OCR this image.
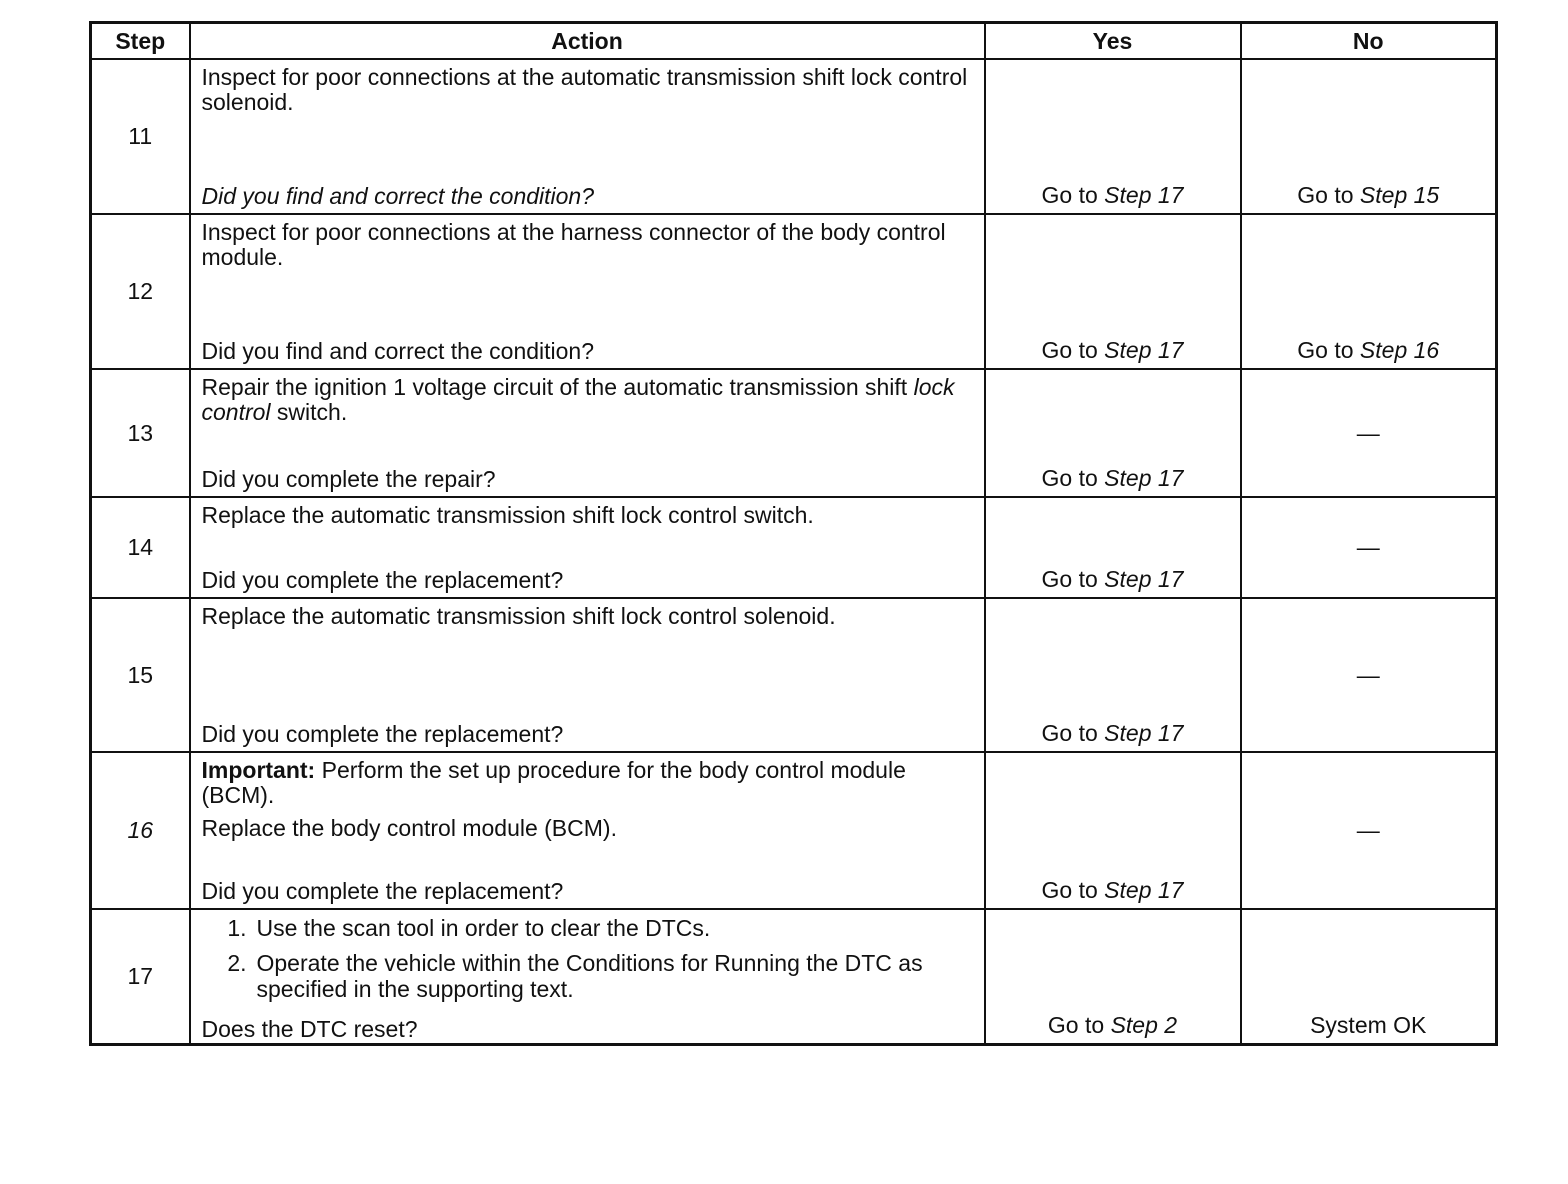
Step	Action	Yes	No
11	Inspect for poor connections at the automatic transmission shift lock control solenoid.
Did you find and correct the condition?	Go to Step 17	Go to Step 15
12	Inspect for poor connections at the harness connector of the body control module.
Did you find and correct the condition?	Go to Step 17	Go to Step 16
13	Repair the ignition 1 voltage circuit of the automatic transmission shift lock control switch.
Did you complete the repair?	Go to Step 17	—
14	Replace the automatic transmission shift lock control switch.
Did you complete the replacement?	Go to Step 17	—
15	Replace the automatic transmission shift lock control solenoid.
Did you complete the replacement?	Go to Step 17	—
16	Important: Perform the set up procedure for the body control module (BCM).
Replace the body control module (BCM).
Did you complete the replacement?	Go to Step 17	—
17	1. Use the scan tool in order to clear the DTCs.
2. Operate the vehicle within the Conditions for Running the DTC as specified in the supporting text.
Does the DTC reset?	Go to Step 2	System OK
